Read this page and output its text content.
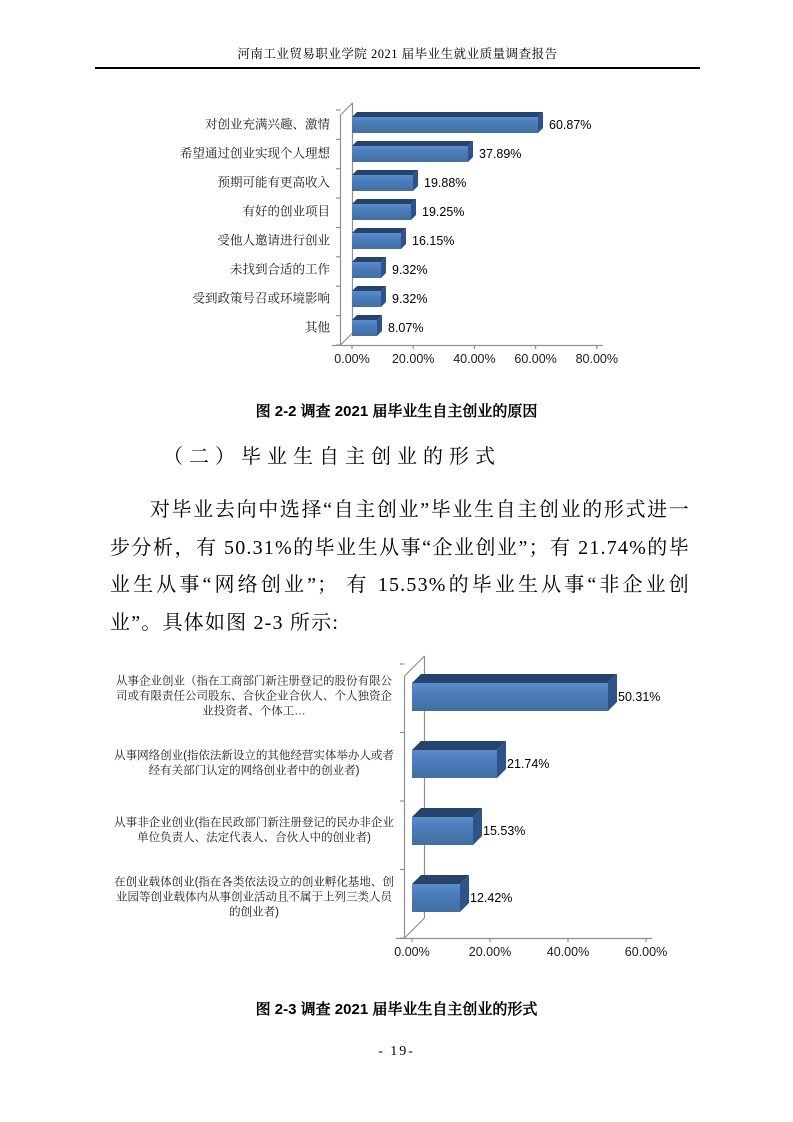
河南工业贸易职业学院 2021 届毕业生就业质量调查报告
对创业充满兴趣、激情	60.87%
希望通过创业实现个人理想	37.89%
预期可能有更高收入	19.88%
有好的创业项目	19.25%
受他人邀请进行创业	16.15%
未找到合适的工作	9.32%
受到政策号召或环境影响	9.32%
其他	8.07%
0.00%	20.00%	40.00%	60.00%	80.00%
图 2-2 调查 2021 届毕业生自主创业的原因
（二）毕业生自主创业的形式
对毕业去向中选择“自主创业”毕业生自主创业的形式进一步分析，有 50.31%的毕业生从事“企业创业”；有 21.74%的毕业生从事“网络创业”； 有 15.53%的毕业生从事“非企业创业”。具体如图 2-3 所示:
从事企业创业（指在工商部门新注册登记的股份有限公司或有限责任公司股东、合伙企业合伙人、个人独资企业投资者、个体工…
50.31%
从事网络创业(指依法新设立的其他经营实体举办人或者经有关部门认定的网络创业者中的创业者)	21.74%
从事非企业创业(指在民政部门新注册登记的民办非企业单位负责人、法定代表人、合伙人中的创业者)	15.53%
在创业载体创业(指在各类依法设立的创业孵化基地、创业园等创业载体内从事创业活动且不属于上列三类人员的创业者)
12.42%
0.00%	20.00%	40.00%	60.00%
图 2-3 调查 2021 届毕业生自主创业的形式
- 19-
